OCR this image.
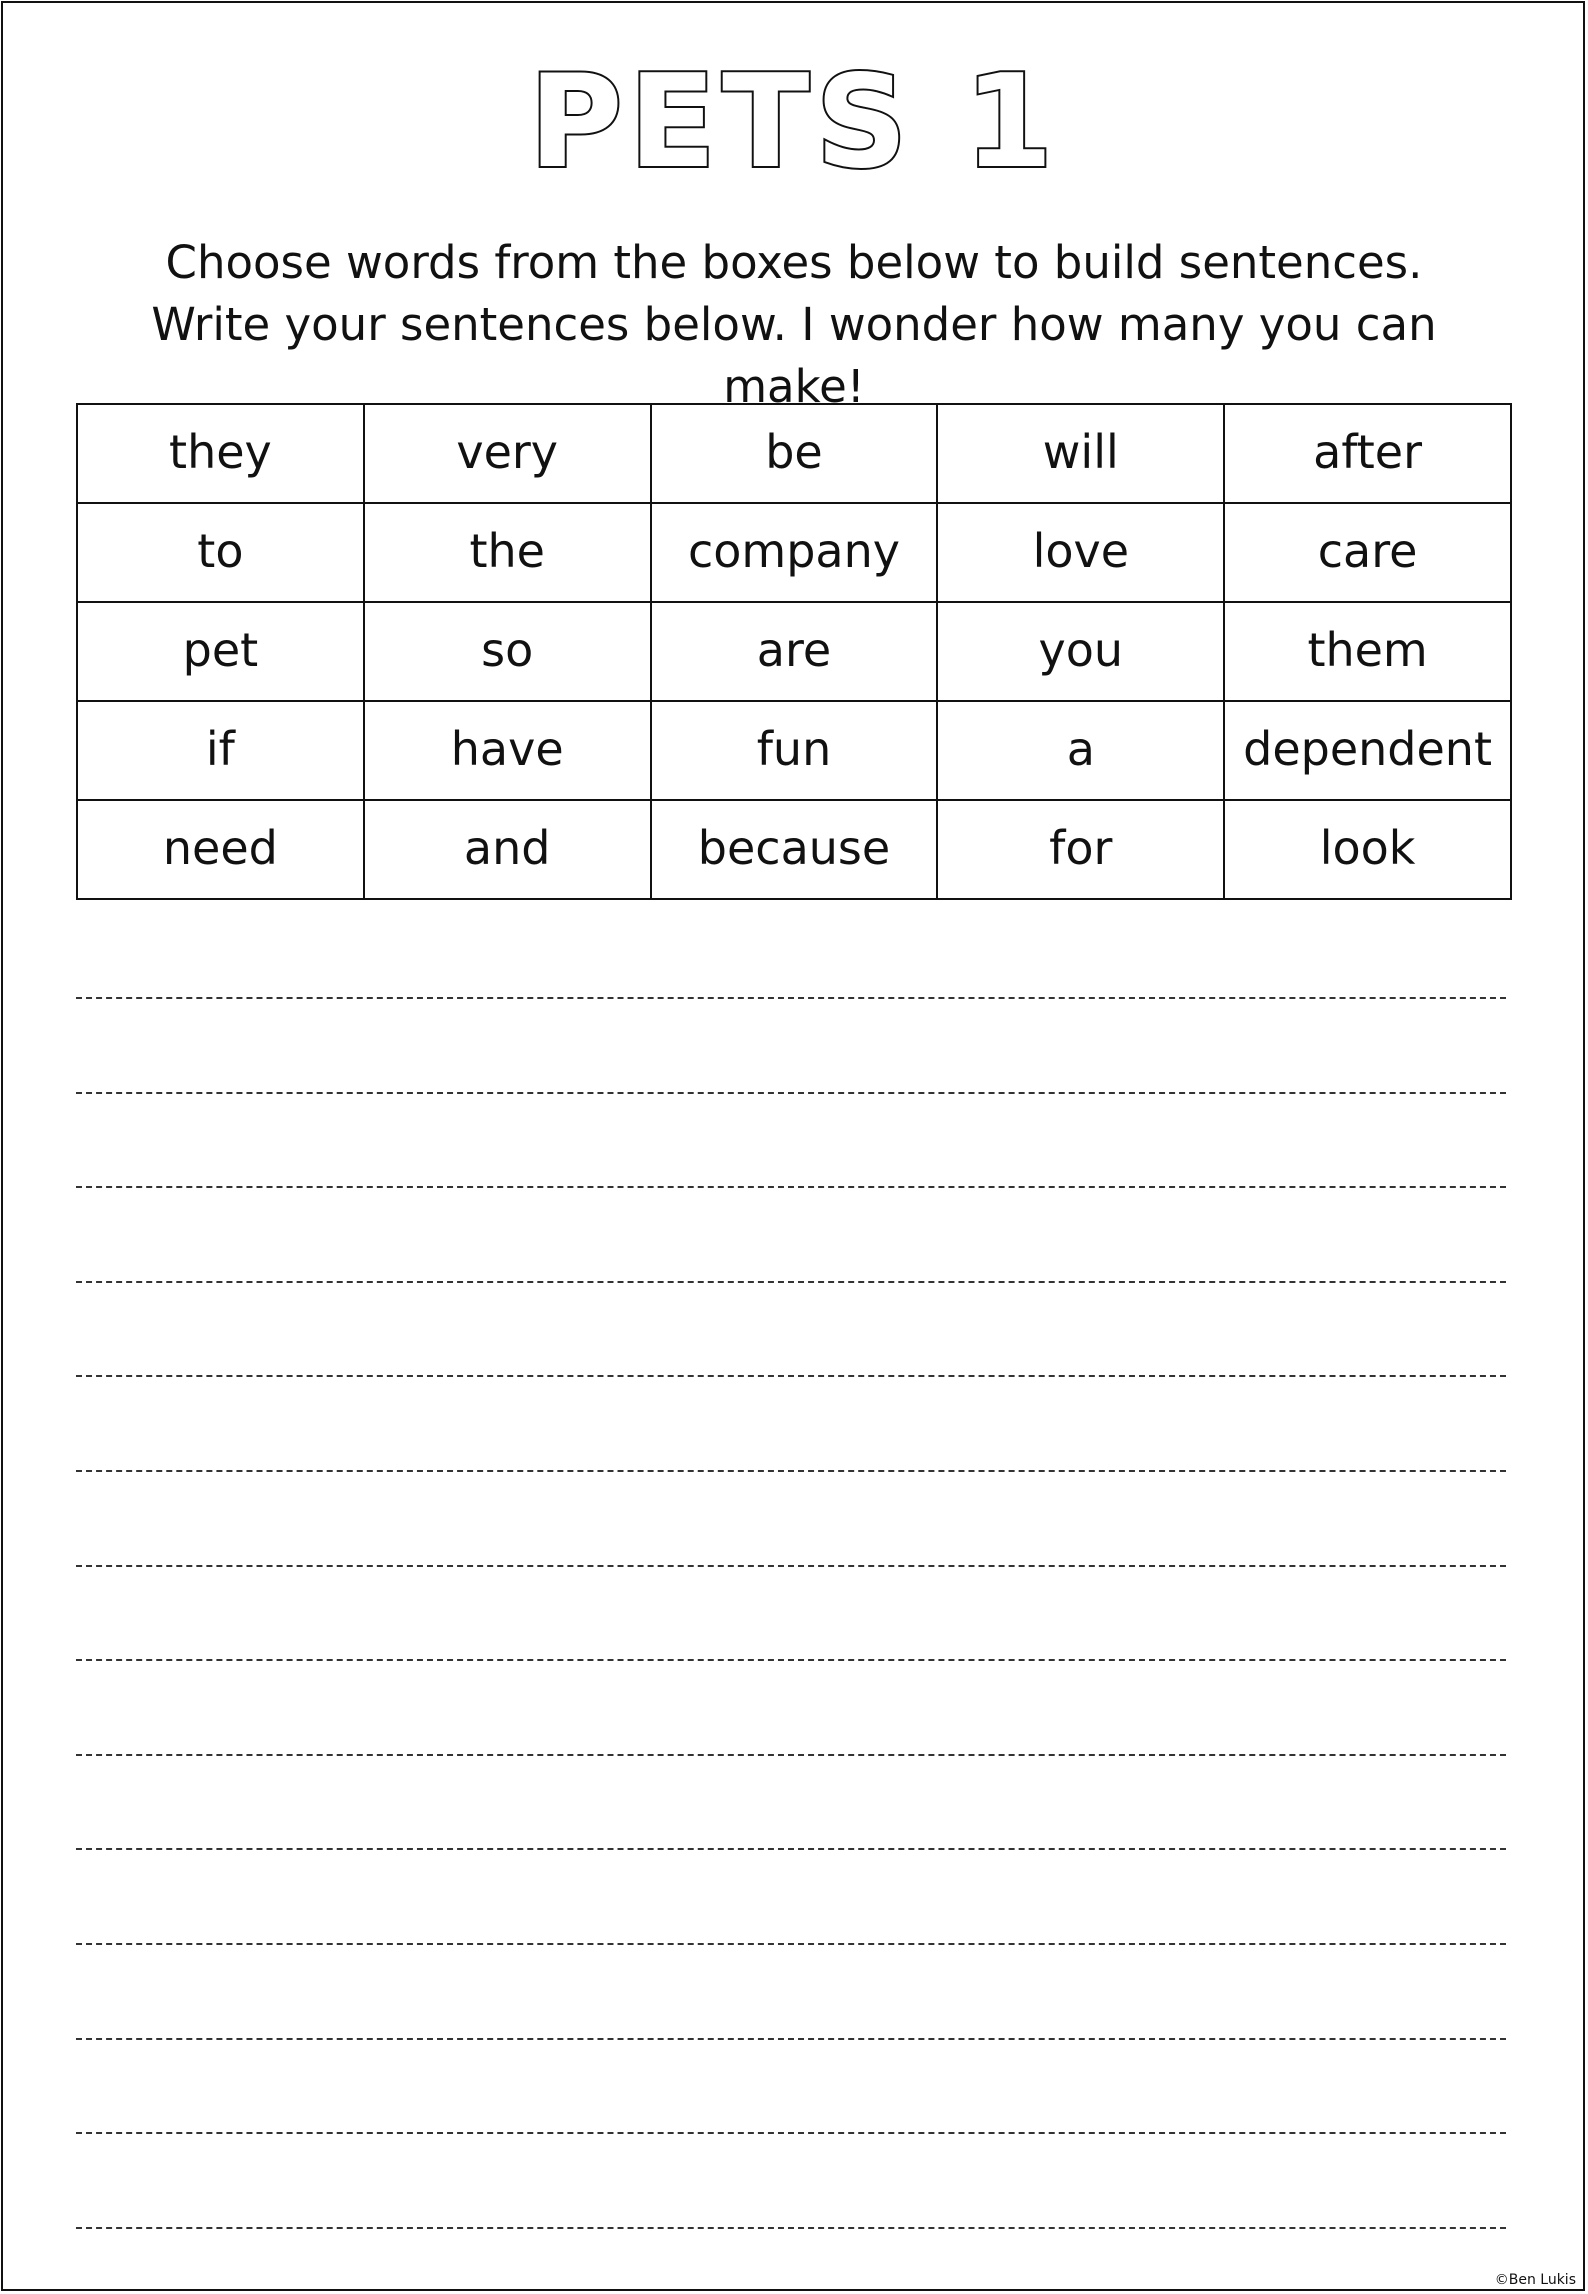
PETS 1
Choose words from the boxes below to build sentences. Write your sentences below. I wonder how many you can make!
they	very	be	will	after
to	the	company	love	care
pet	so	are	you	them
if	have	fun	a	dependent
need	and	because	for	look
©Ben Lukis
